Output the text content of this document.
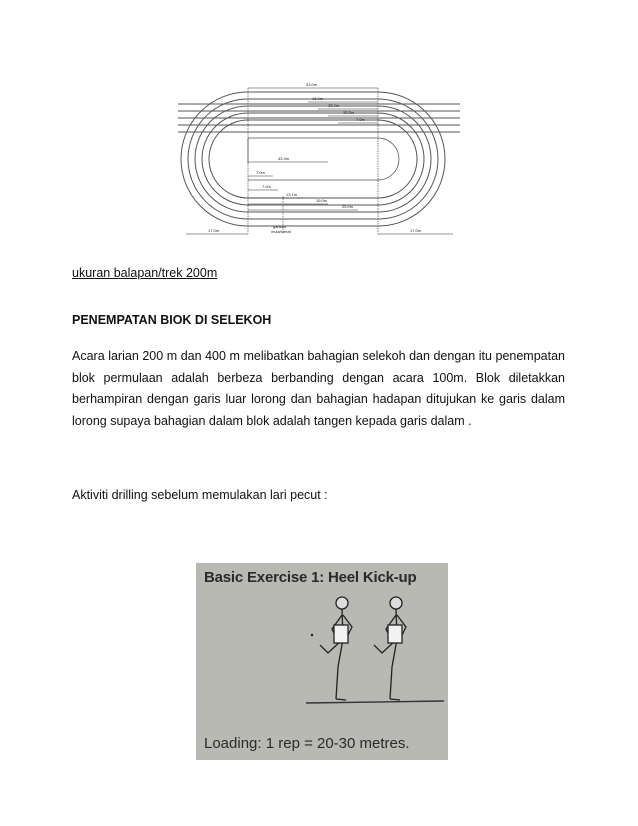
33.0m
16.0m
13.4m
10.2m
7.0m
43.3m
7.0m
7.0m
13.1m
19.0m
25.0m
17.0m	17.0m
garisan
mula/tamat
ukuran balapan/trek 200m
PENEMPATAN BIOK DI SELEKOH
Acara larian 200 m dan 400 m melibatkan bahagian selekoh dan dengan itu penempatan blok permulaan adalah berbeza berbanding dengan acara 100m. Blok diletakkan berhampiran dengan garis luar lorong dan bahagian hadapan ditujukan ke garis dalam lorong supaya bahagian dalam blok adalah tangen kepada garis dalam .
Aktiviti drilling sebelum memulakan lari pecut :
Basic Exercise 1: Heel Kick-up
Loading: 1 rep = 20-30 metres.
